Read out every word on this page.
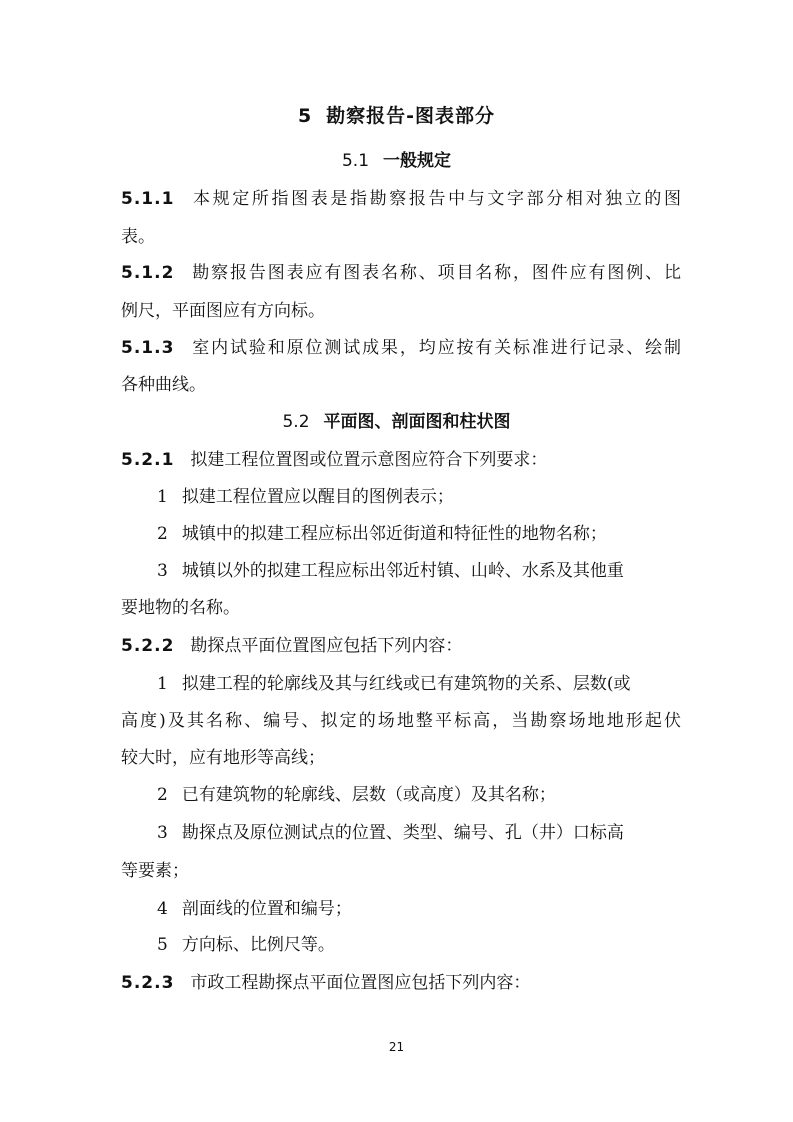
5 勘察报告-图表部分
5.1 一般规定
5.1.1 本规定所指图表是指勘察报告中与文字部分相对独立的图
表。
5.1.2 勘察报告图表应有图表名称、项目名称，图件应有图例、比
例尺，平面图应有方向标。
5.1.3 室内试验和原位测试成果，均应按有关标准进行记录、绘制
各种曲线。
5.2 平面图、剖面图和柱状图
5.2.1 拟建工程位置图或位置示意图应符合下列要求：
1 拟建工程位置应以醒目的图例表示；
2 城镇中的拟建工程应标出邻近街道和特征性的地物名称；
3 城镇以外的拟建工程应标出邻近村镇、山岭、水系及其他重
要地物的名称。
5.2.2 勘探点平面位置图应包括下列内容：
1 拟建工程的轮廓线及其与红线或已有建筑物的关系、层数(或
高度)及其名称、编号、拟定的场地整平标高，当勘察场地地形起伏
较大时，应有地形等高线；
2 已有建筑物的轮廓线、层数（或高度）及其名称；
3 勘探点及原位测试点的位置、类型、编号、孔（井）口标高
等要素；
4 剖面线的位置和编号；
5 方向标、比例尺等。
5.2.3 市政工程勘探点平面位置图应包括下列内容：
21
